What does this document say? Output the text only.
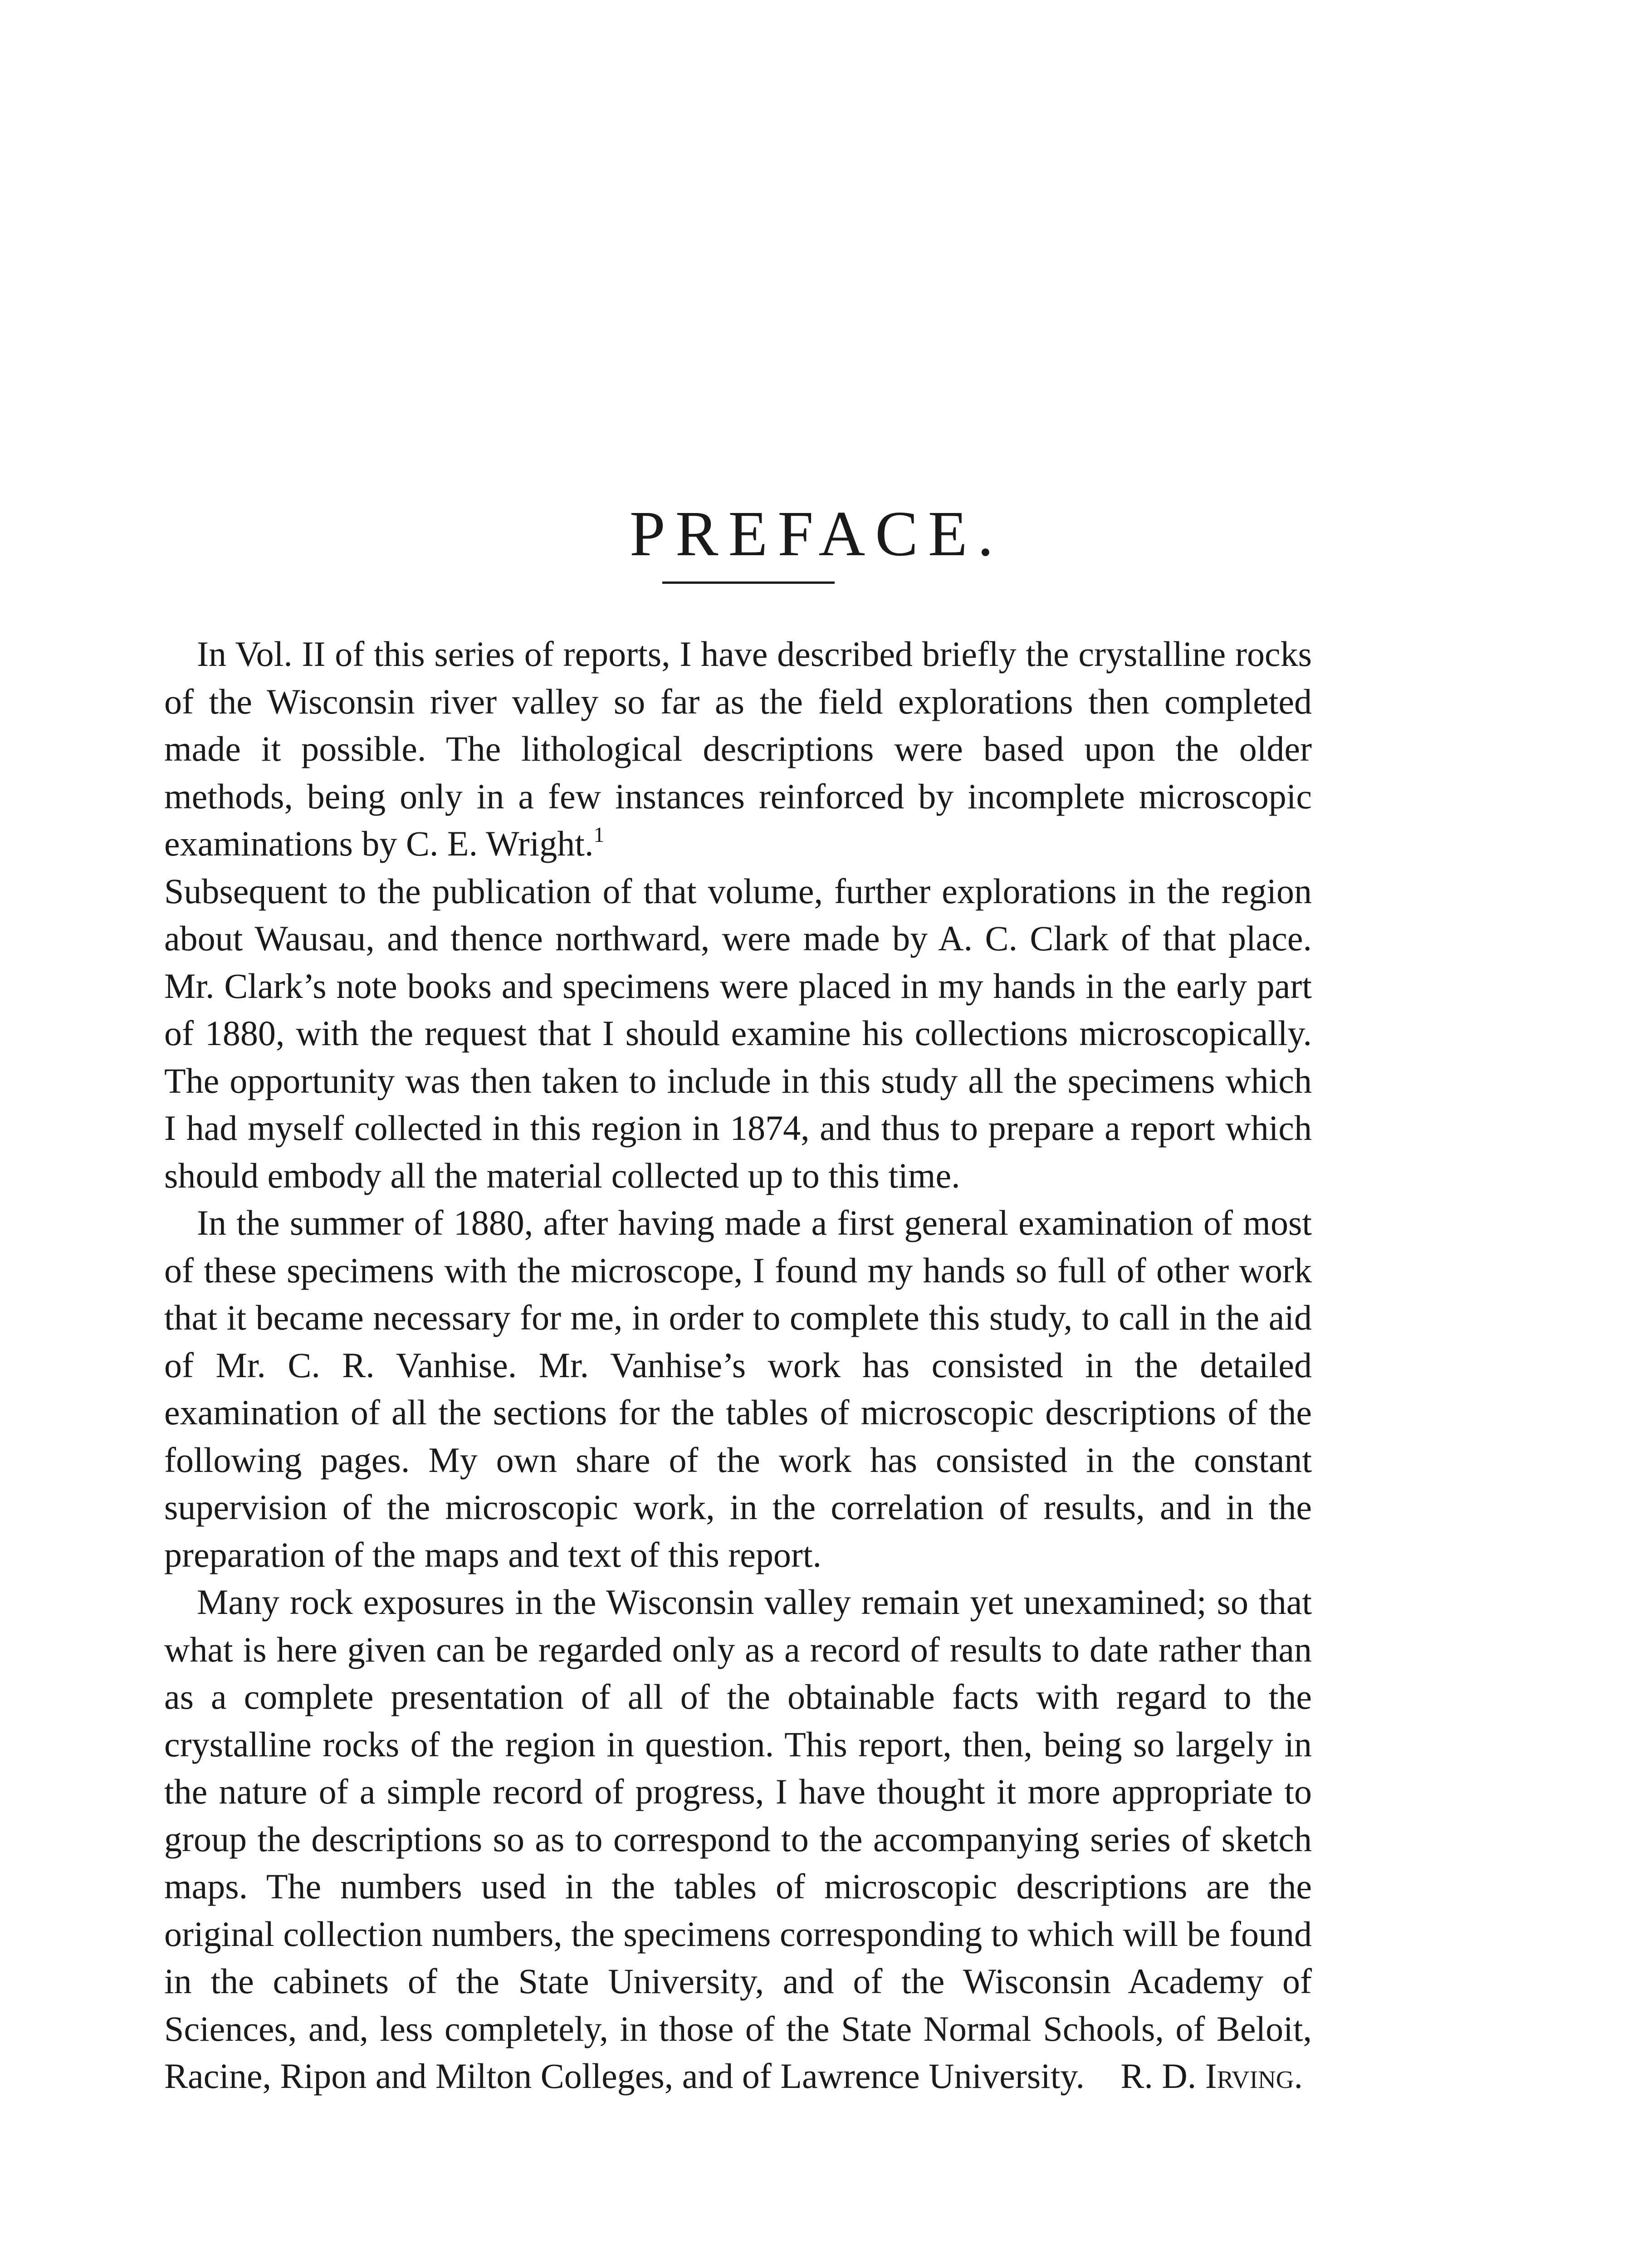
PREFACE.

In Vol. II of this series of reports, I have described briefly the crystalline rocks of the Wisconsin river valley so far as the field explorations then completed made it possible. The lithological descriptions were based upon the older methods, being only in a few instances reinforced by incomplete microscopic examinations by C. E. Wright.$^1$

Subsequent to the publication of that volume, further explorations in the region about Wausau, and thence northward, were made by A. C. Clark of that place. Mr. Clark’s note books and specimens were placed in my hands in the early part of 1880, with the request that I should examine his collections microscopically. The opportunity was then taken to include in this study all the specimens which I had myself collected in this region in 1874, and thus to prepare a report which should embody all the material collected up to this time.

In the summer of 1880, after having made a first general examination of most of these specimens with the microscope, I found my hands so full of other work that it became necessary for me, in order to complete this study, to call in the aid of Mr. C. R. Vanhise. Mr. Vanhise’s work has consisted in the detailed examination of all the sections for the tables of microscopic descriptions of the following pages. My own share of the work has consisted in the constant supervision of the microscopic work, in the correlation of results, and in the preparation of the maps and text of this report.

Many rock exposures in the Wisconsin valley remain yet unexamined; so that what is here given can be regarded only as a record of results to date rather than as a complete presentation of all of the obtainable facts with regard to the crystalline rocks of the region in question. This report, then, being so largely in the nature of a simple record of progress, I have thought it more appropriate to group the descriptions so as to correspond to the accompanying series of sketch maps. The numbers used in the tables of microscopic descriptions are the original collection numbers, the specimens corresponding to which will be found in the cabinets of the State University, and of the Wisconsin Academy of Sciences, and, less completely, in those of the State Normal Schools, of Beloit, Racine, Ripon and Milton Colleges, and of Lawrence University.	R. D. Irving.
